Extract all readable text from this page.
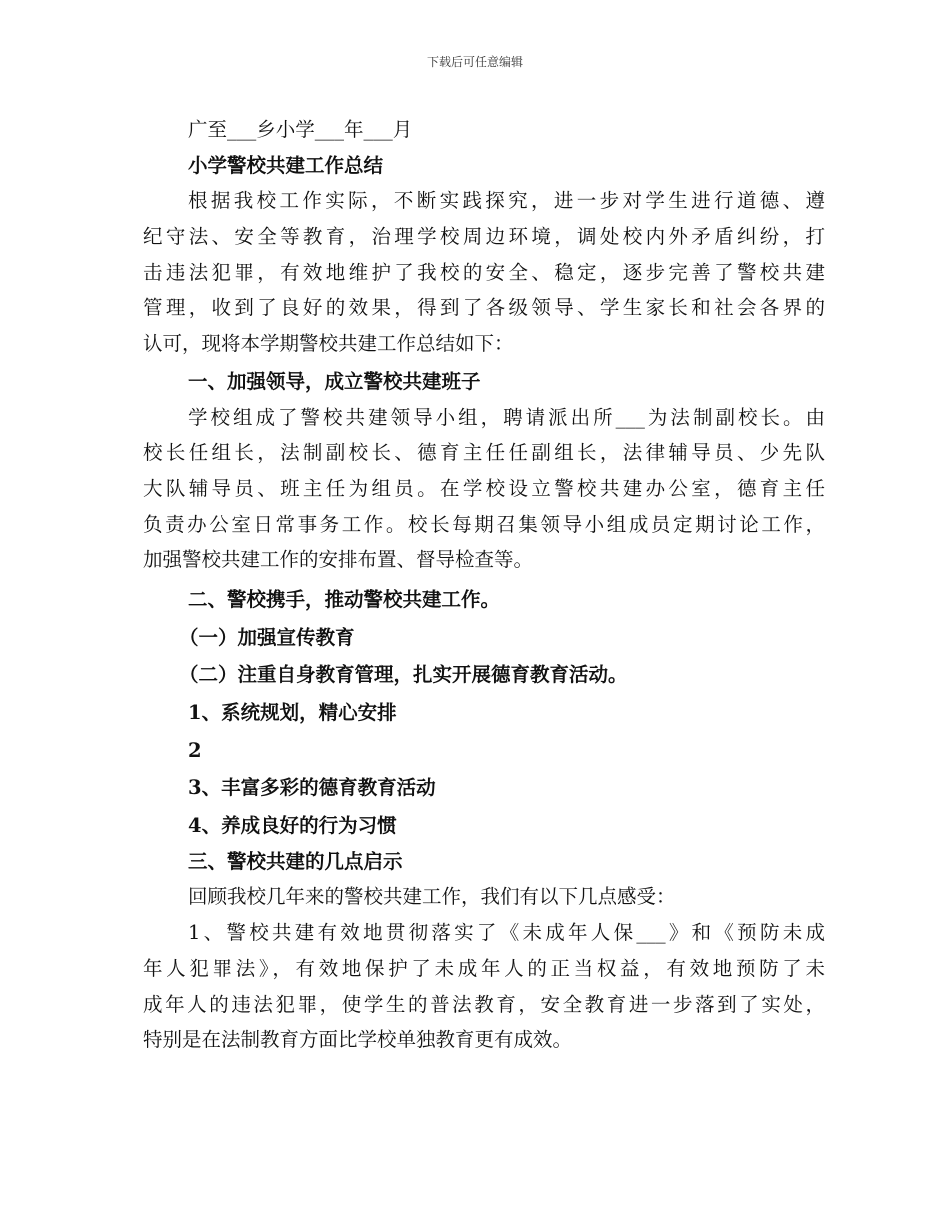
下载后可任意编辑
广至___乡小学___年___月
小学警校共建工作总结
根据我校工作实际，不断实践探究，进一步对学生进行道德、遵
纪守法、安全等教育，治理学校周边环境，调处校内外矛盾纠纷，打
击违法犯罪，有效地维护了我校的安全、稳定，逐步完善了警校共建
管理，收到了良好的效果，得到了各级领导、学生家长和社会各界的
认可，现将本学期警校共建工作总结如下：
一、加强领导，成立警校共建班子
学校组成了警校共建领导小组，聘请派出所___为法制副校长。由
校长任组长，法制副校长、德育主任任副组长，法律辅导员、少先队
大队辅导员、班主任为组员。在学校设立警校共建办公室，德育主任
负责办公室日常事务工作。校长每期召集领导小组成员定期讨论工作，
加强警校共建工作的安排布置、督导检查等。
二、警校携手，推动警校共建工作。
（一）加强宣传教育
（二）注重自身教育管理，扎实开展德育教育活动。
1、系统规划，精心安排
2
3、丰富多彩的德育教育活动
4、养成良好的行为习惯
三、警校共建的几点启示
回顾我校几年来的警校共建工作，我们有以下几点感受：
1、警校共建有效地贯彻落实了《未成年人保___》和《预防未成
年人犯罪法》，有效地保护了未成年人的正当权益，有效地预防了未
成年人的违法犯罪，使学生的普法教育，安全教育进一步落到了实处，
特别是在法制教育方面比学校单独教育更有成效。
